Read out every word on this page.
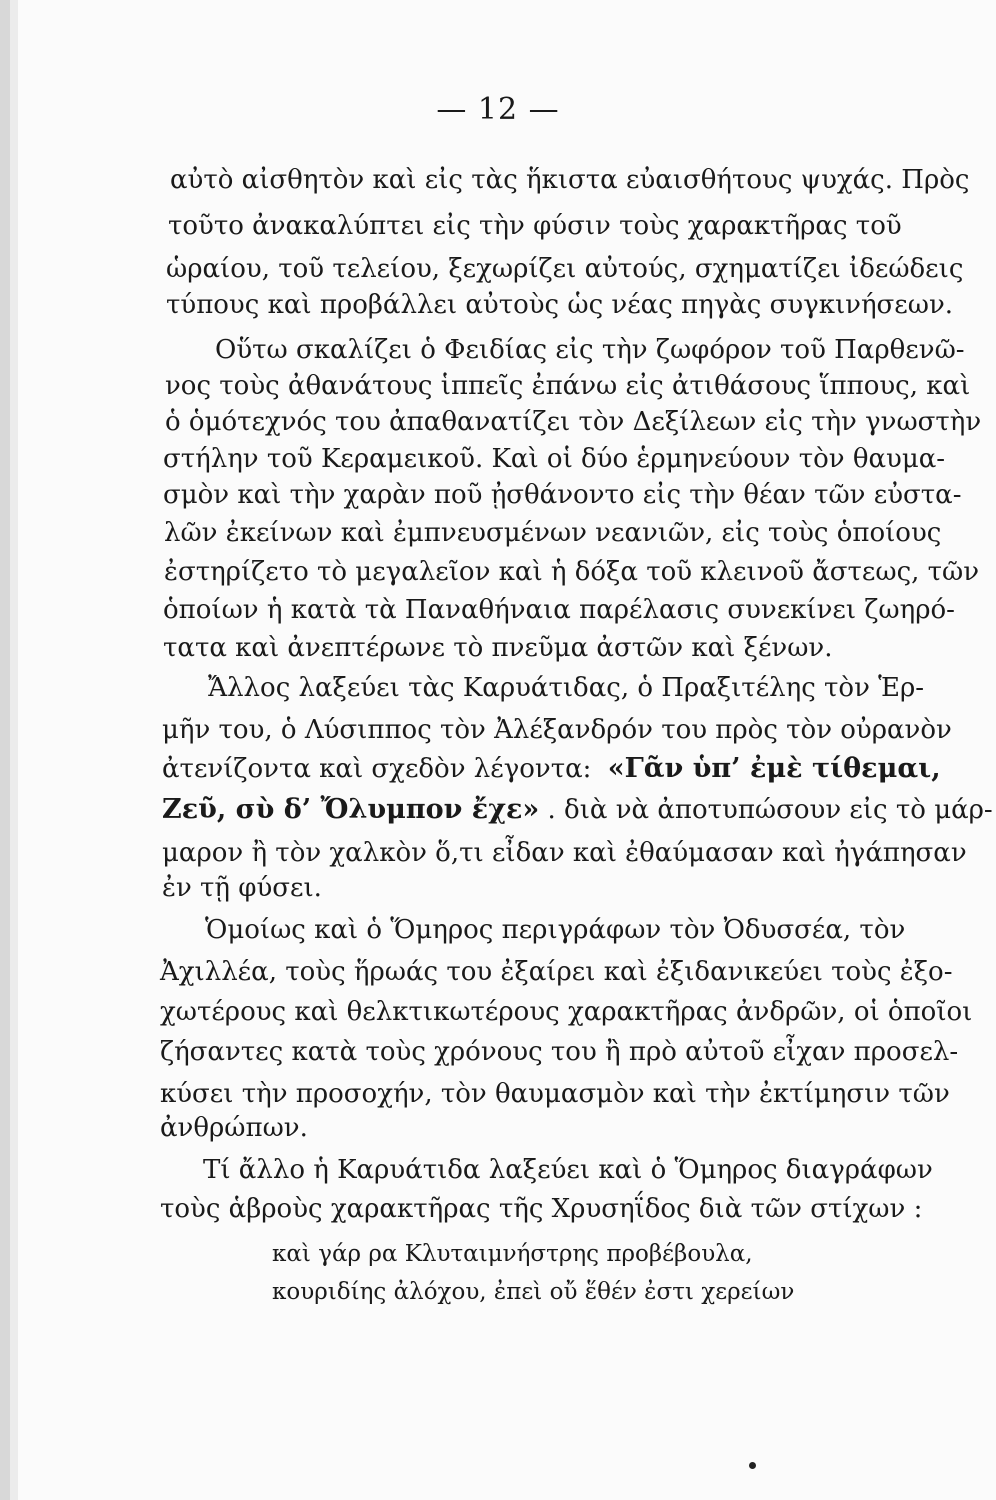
— 12 —
αὐτὸ αἰσθητὸν καὶ εἰς τὰς ἥκιστα εὐαισθήτους ψυχάς. Πρὸς
τοῦτο ἀνακαλύπτει εἰς τὴν φύσιν τοὺς χαρακτῆρας τοῦ
ὡραίου, τοῦ τελείου, ξεχωρίζει αὐτούς, σχηματίζει ἰδεώδεις
τύπους καὶ προβάλλει αὐτοὺς ὡς νέας πηγὰς συγκινήσεων.
Οὕτω σκαλίζει ὁ Φειδίας εἰς τὴν ζωφόρον τοῦ Παρθενῶ-
νος τοὺς ἀθανάτους ἱππεῖς ἐπάνω εἰς ἀτιθάσους ἵππους, καὶ
ὁ ὁμότεχνός του ἀπαθανατίζει τὸν Δεξίλεων εἰς τὴν γνωστὴν
στήλην τοῦ Κεραμεικοῦ. Καὶ οἱ δύο ἑρμηνεύουν τὸν θαυμα-
σμὸν καὶ τὴν χαρὰν ποῦ ᾐσθάνοντο εἰς τὴν θέαν τῶν εὐστα-
λῶν ἐκείνων καὶ ἐμπνευσμένων νεανιῶν, εἰς τοὺς ὁποίους
ἐστηρίζετο τὸ μεγαλεῖον καὶ ἡ δόξα τοῦ κλεινοῦ ἄστεως, τῶν
ὁποίων ἡ κατὰ τὰ Παναθήναια παρέλασις συνεκίνει ζωηρό-
τατα καὶ ἀνεπτέρωνε τὸ πνεῦμα ἀστῶν καὶ ξένων.
Ἄλλος λαξεύει τὰς Καρυάτιδας, ὁ Πραξιτέλης τὸν Ἑρ-
μῆν του, ὁ Λύσιππος τὸν Ἀλέξανδρόν του πρὸς τὸν οὐρανὸν
ἀτενίζοντα καὶ σχεδὸν λέγοντα: «Γᾶν ὑπ’ ἐμὲ τίθεμαι,
Ζεῦ, σὺ δ’ Ὄλυμπον ἔχε» . διὰ νὰ ἀποτυπώσουν εἰς τὸ μάρ-
μαρον ἢ τὸν χαλκὸν ὅ,τι εἶδαν καὶ ἐθαύμασαν καὶ ἠγάπησαν
ἐν τῇ φύσει.
Ὁμοίως καὶ ὁ Ὅμηρος περιγράφων τὸν Ὀδυσσέα, τὸν
Ἀχιλλέα, τοὺς ἥρωάς του ἐξαίρει καὶ ἐξιδανικεύει τοὺς ἐξο-
χωτέρους καὶ θελκτικωτέρους χαρακτῆρας ἀνδρῶν, οἱ ὁποῖοι
ζήσαντες κατὰ τοὺς χρόνους του ἢ πρὸ αὐτοῦ εἶχαν προσελ-
κύσει τὴν προσοχήν, τὸν θαυμασμὸν καὶ τὴν ἐκτίμησιν τῶν
ἀνθρώπων.
Τί ἄλλο ἡ Καρυάτιδα λαξεύει καὶ ὁ Ὅμηρος διαγράφων
τοὺς ἁβροὺς χαρακτῆρας τῆς Χρυσηΐδος διὰ τῶν στίχων :
καὶ γάρ ρα Κλυταιμνήστρης προβέβουλα,
κουριδίης ἀλόχου, ἐπεὶ οὔ ἕθέν ἐστι χερείων
